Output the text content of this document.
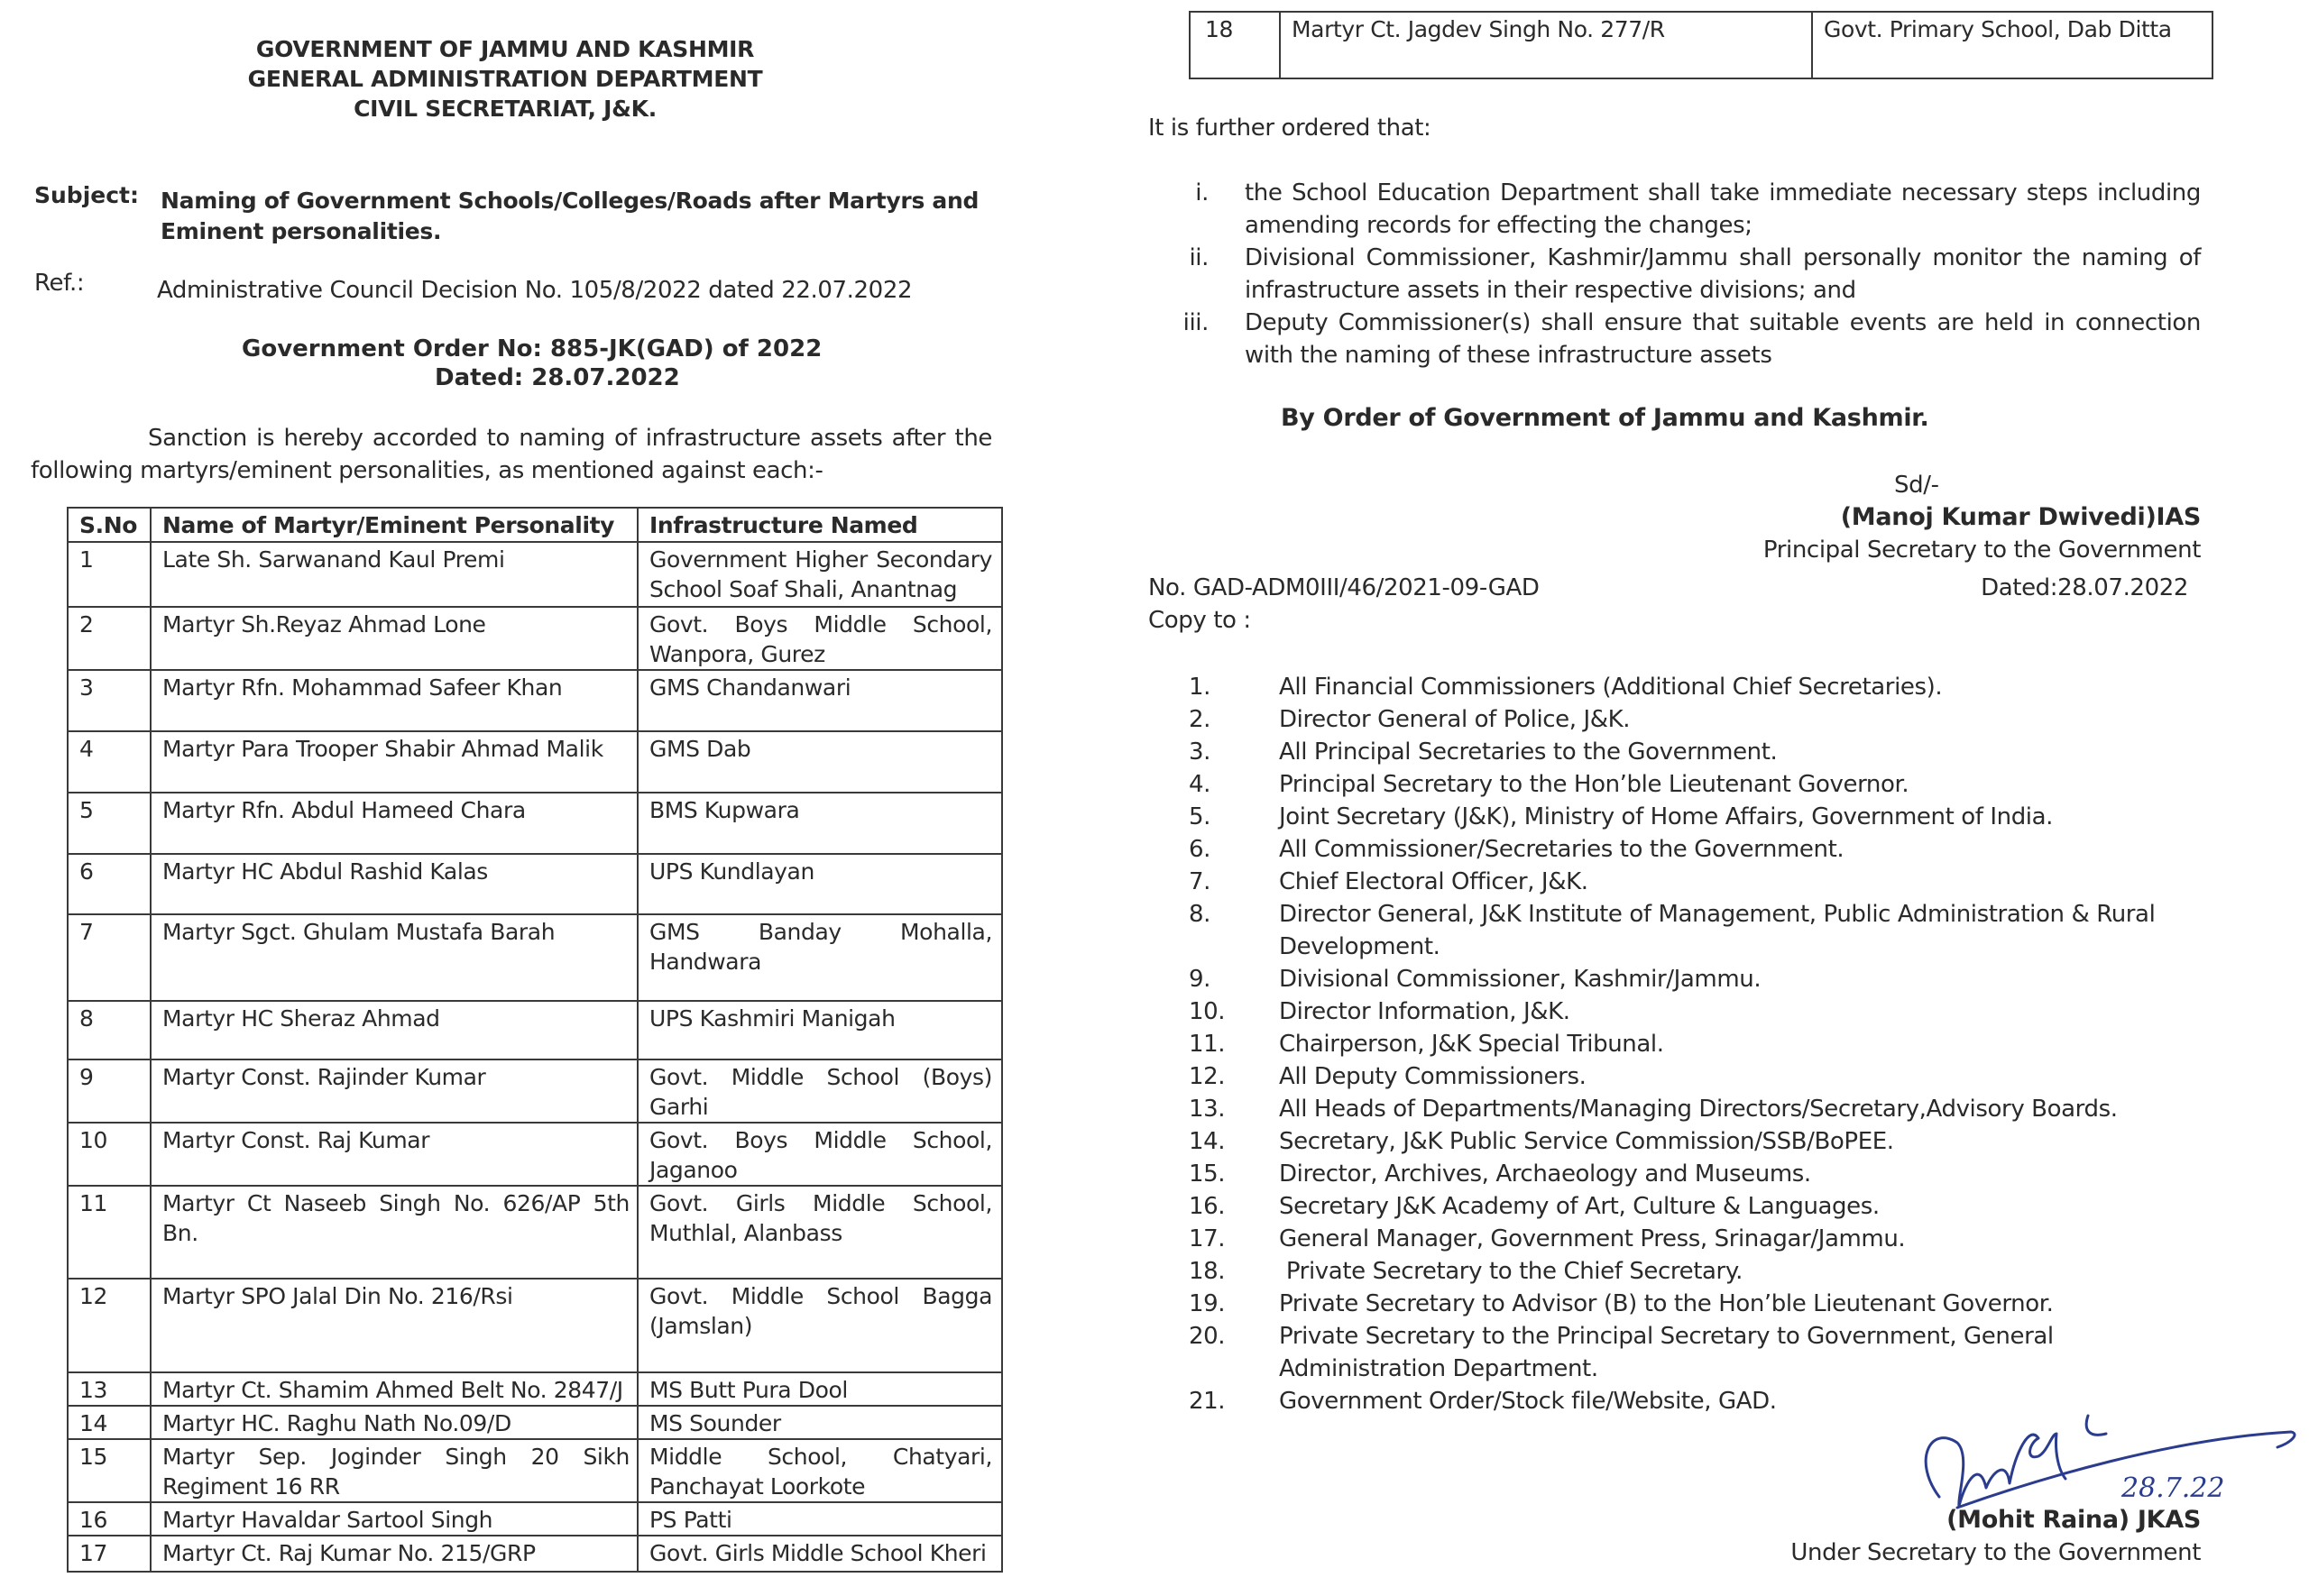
GOVERNMENT OF JAMMU AND KASHMIR
GENERAL ADMINISTRATION DEPARTMENT
CIVIL SECRETARIAT, J&K.
Subject: Naming of Government Schools/Colleges/Roads after Martyrs and Eminent personalities.
Ref.:	Administrative Council Decision No. 105/8/2022 dated 22.07.2022
Government Order No: 885-JK(GAD) of 2022
Dated: 28.07.2022
Sanction is hereby accorded to naming of infrastructure assets after the following martyrs/eminent personalities, as mentioned against each:-
S.No	Name of Martyr/Eminent Personality	Infrastructure Named
1	Late Sh. Sarwanand Kaul Premi	Government Higher Secondary School Soaf Shali, Anantnag
2	Martyr Sh.Reyaz Ahmad Lone	Govt. Boys Middle School, Wanpora, Gurez
3	Martyr Rfn. Mohammad Safeer Khan	GMS Chandanwari
4	Martyr Para Trooper Shabir Ahmad Malik	GMS Dab
5	Martyr Rfn. Abdul Hameed Chara	BMS Kupwara
6	Martyr HC Abdul Rashid Kalas	UPS Kundlayan
7	Martyr Sgct. Ghulam Mustafa Barah	GMS Banday Mohalla, Handwara
8	Martyr HC Sheraz Ahmad	UPS Kashmiri Manigah
9	Martyr Const. Rajinder Kumar	Govt. Middle School (Boys) Garhi
10	Martyr Const. Raj Kumar	Govt. Boys Middle School, Jaganoo
11	Martyr Ct Naseeb Singh No. 626/AP 5th Bn.	Govt. Girls Middle School, Muthlal, Alanbass
12	Martyr SPO Jalal Din No. 216/Rsi	Govt. Middle School Bagga (Jamslan)
13	Martyr Ct. Shamim Ahmed Belt No. 2847/J	MS Butt Pura Dool
14	Martyr HC. Raghu Nath No.09/D	MS Sounder
15	Martyr Sep. Joginder Singh 20 Sikh Regiment 16 RR	Middle School, Chatyari, Panchayat Loorkote
16	Martyr Havaldar Sartool Singh	PS Patti
17	Martyr Ct. Raj Kumar No. 215/GRP	Govt. Girls Middle School Kheri
18	Martyr Ct. Jagdev Singh No. 277/R	Govt. Primary School, Dab Ditta
It is further ordered that:
i.	the School Education Department shall take immediate necessary steps including amending records for effecting the changes;
ii.	Divisional Commissioner, Kashmir/Jammu shall personally monitor the naming of infrastructure assets in their respective divisions; and
iii.	Deputy Commissioner(s) shall ensure that suitable events are held in connection with the naming of these infrastructure assets
By Order of Government of Jammu and Kashmir.
Sd/-
(Manoj Kumar Dwivedi)IAS
Principal Secretary to the Government
No. GAD-ADM0III/46/2021-09-GAD	Dated:28.07.2022
Copy to :
1.	All Financial Commissioners (Additional Chief Secretaries).
2.	Director General of Police, J&K.
3.	All Principal Secretaries to the Government.
4.	Principal Secretary to the Hon’ble Lieutenant Governor.
5.	Joint Secretary (J&K), Ministry of Home Affairs, Government of India.
6.	All Commissioner/Secretaries to the Government.
7.	Chief Electoral Officer, J&K.
8.	Director General, J&K Institute of Management, Public Administration & Rural Development.
9.	Divisional Commissioner, Kashmir/Jammu.
10.	Director Information, J&K.
11.	Chairperson, J&K Special Tribunal.
12.	All Deputy Commissioners.
13.	All Heads of Departments/Managing Directors/Secretary,Advisory Boards.
14.	Secretary, J&K Public Service Commission/SSB/BoPEE.
15.	Director, Archives, Archaeology and Museums.
16.	Secretary J&K Academy of Art, Culture & Languages.
17.	General Manager, Government Press, Srinagar/Jammu.
18.	Private Secretary to the Chief Secretary.
19.	Private Secretary to Advisor (B) to the Hon’ble Lieutenant Governor.
20.	Private Secretary to the Principal Secretary to Government, General Administration Department.
21.	Government Order/Stock file/Website, GAD.
28.7.22
(Mohit Raina) JKAS
Under Secretary to the Government
